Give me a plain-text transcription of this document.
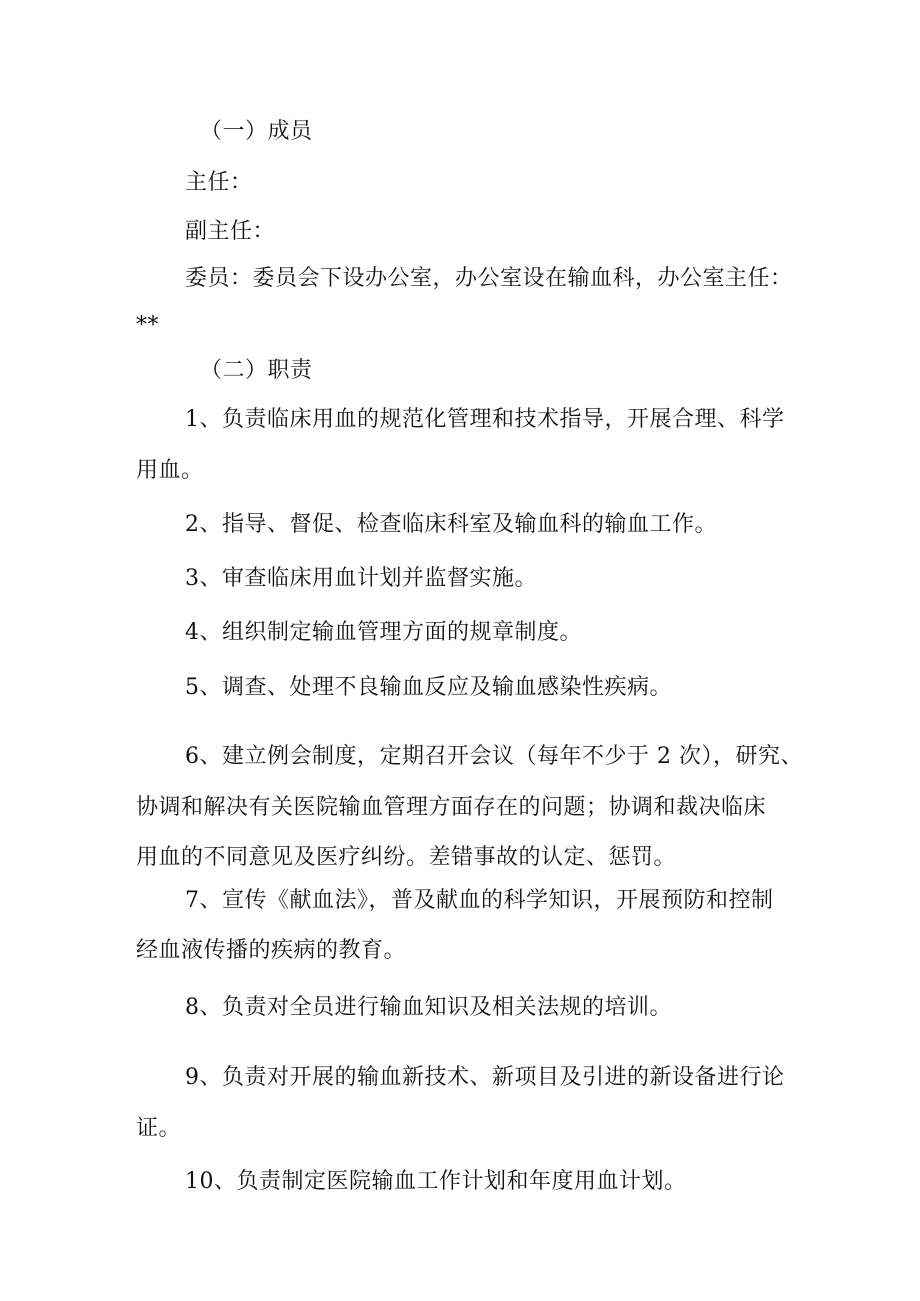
（一）成员
主任：
副主任：
委员：委员会下设办公室，办公室设在输血科，办公室主任：
**
（二）职责
1、负责临床用血的规范化管理和技术指导，开展合理、科学
用血。
2、指导、督促、检查临床科室及输血科的输血工作。
3、审查临床用血计划并监督实施。
4、组织制定输血管理方面的规章制度。
5、调查、处理不良输血反应及输血感染性疾病。
6、建立例会制度，定期召开会议（每年不少于 2 次），研究、
协调和解决有关医院输血管理方面存在的问题；协调和裁决临床
用血的不同意见及医疗纠纷。差错事故的认定、惩罚。
7、宣传《献血法》，普及献血的科学知识，开展预防和控制
经血液传播的疾病的教育。
8、负责对全员进行输血知识及相关法规的培训。
9、负责对开展的输血新技术、新项目及引进的新设备进行论
证。
10、负责制定医院输血工作计划和年度用血计划。
